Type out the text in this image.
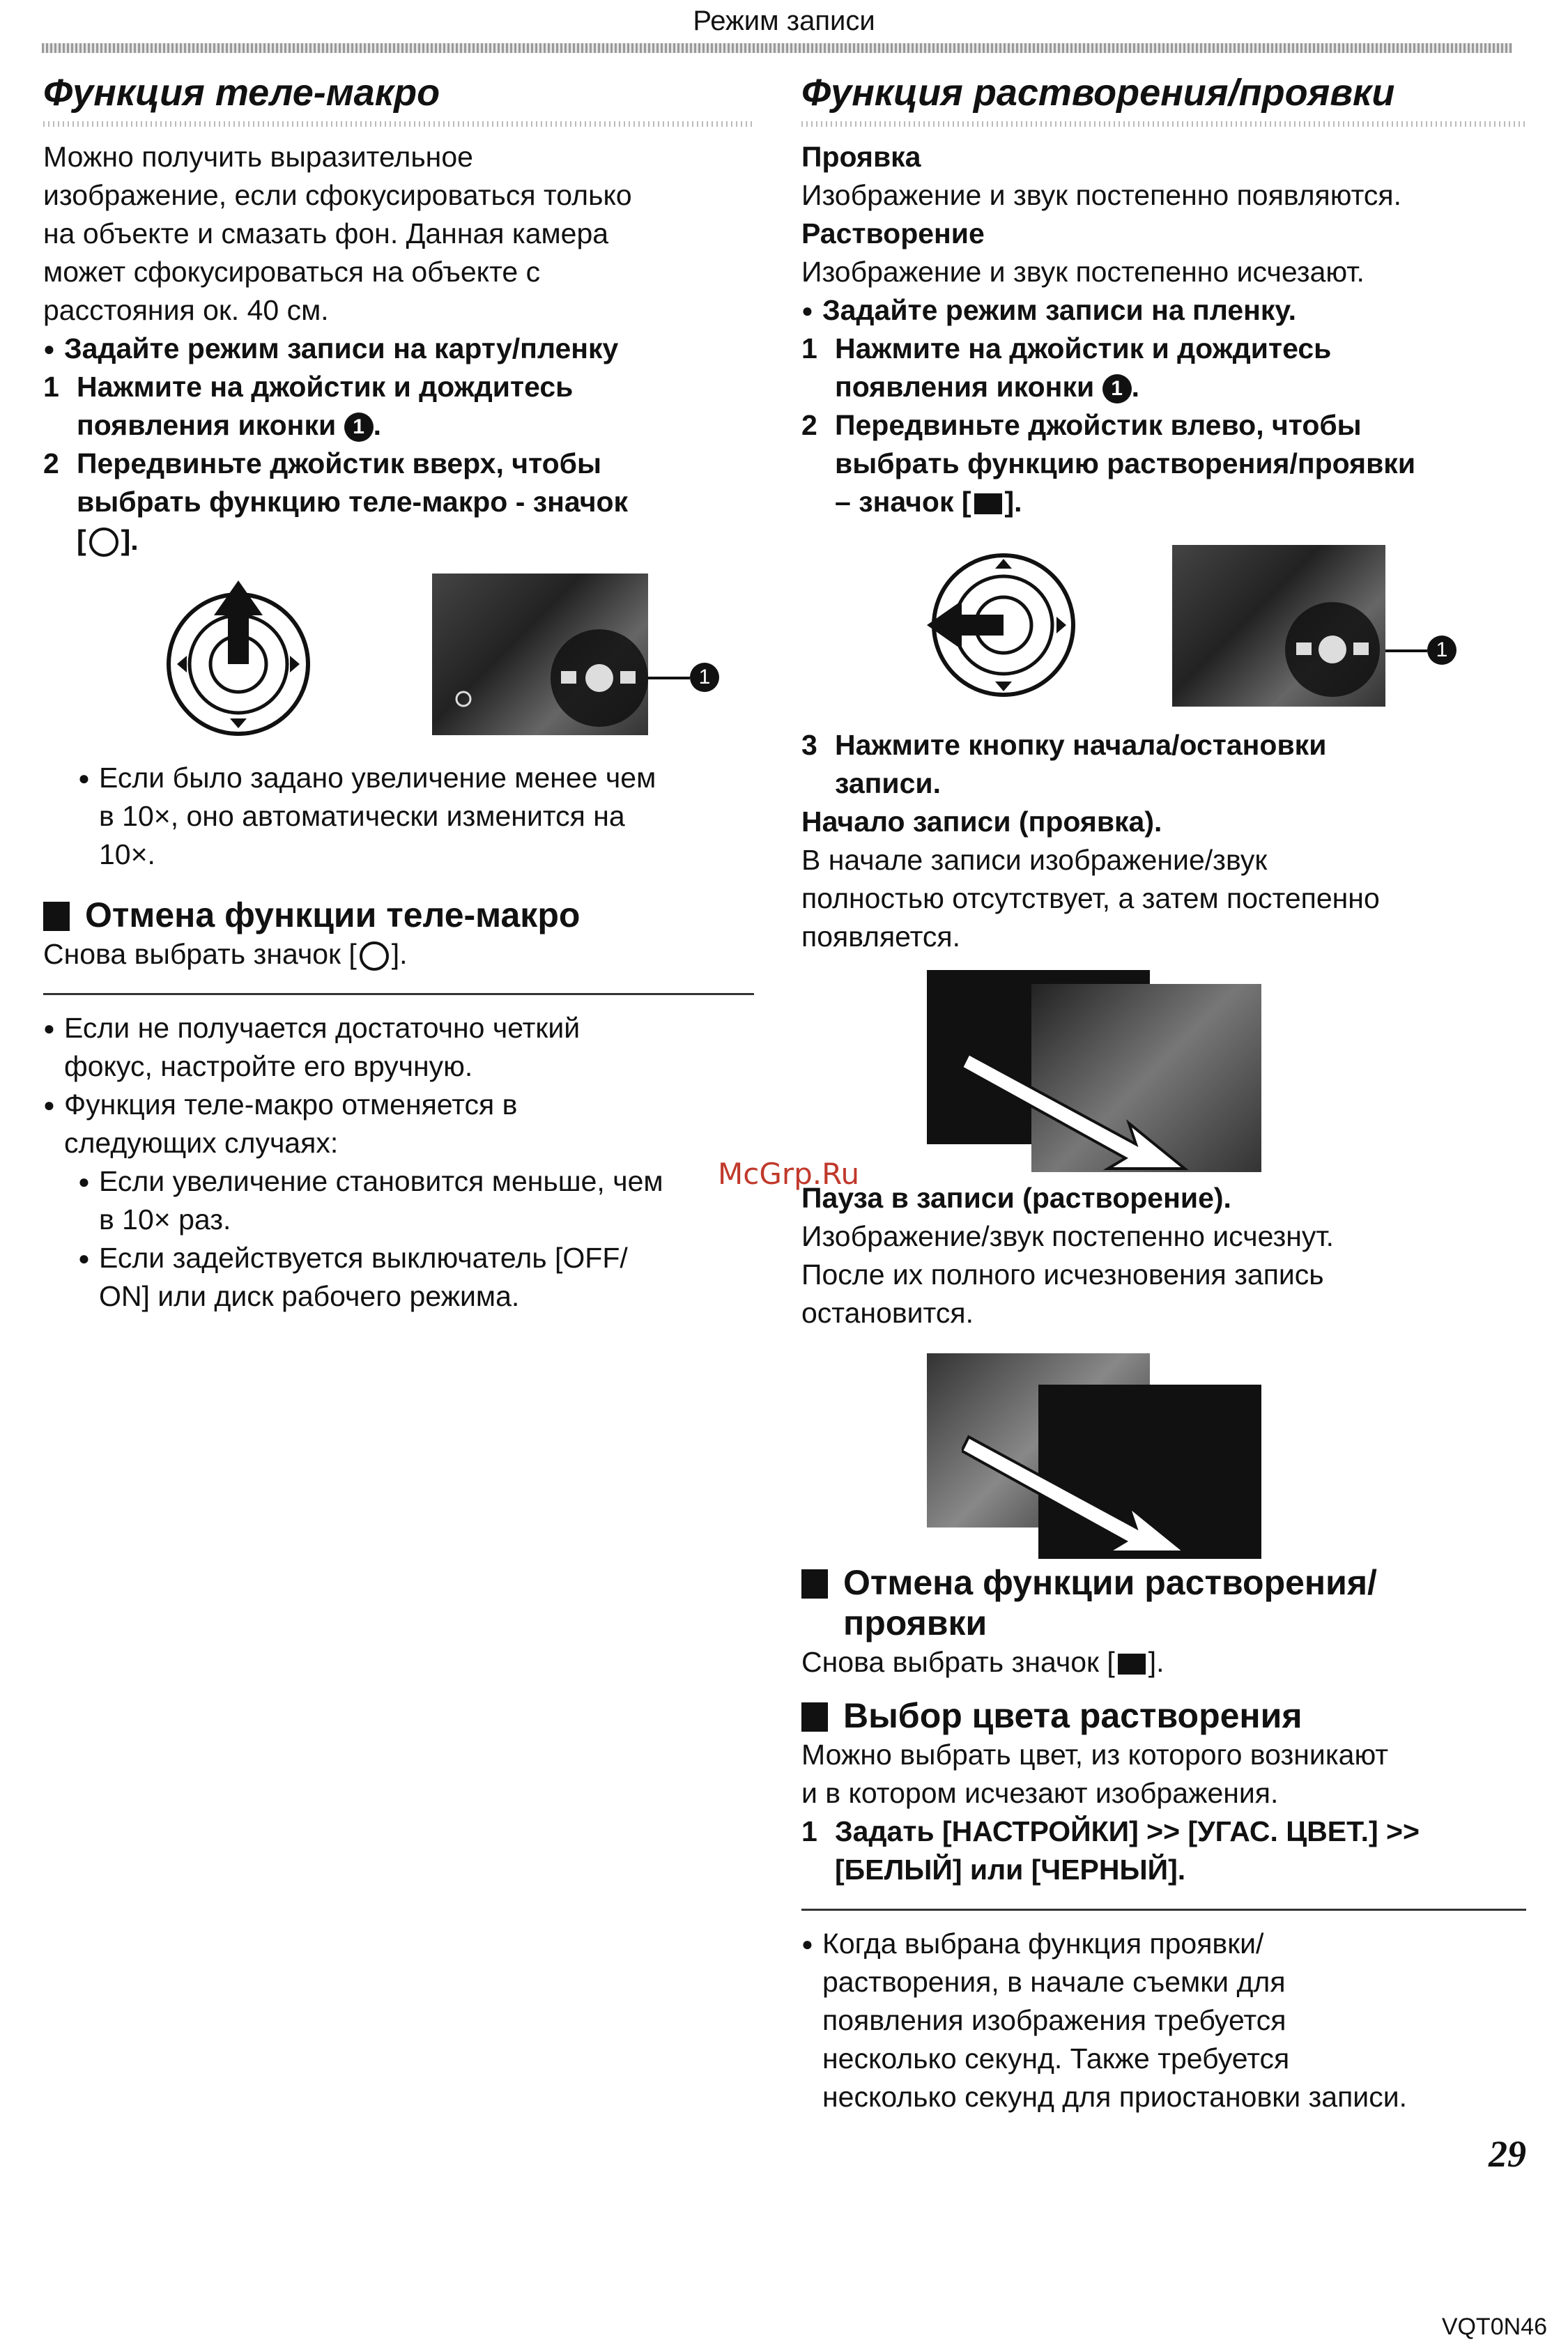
Режим записи
Функция теле-макро

Можно получить выразительное

изображение, если сфокусироваться только

на объекте и смазать фон. Данная камера

может сфокусироваться на объекте с

расстояния ок. 40 см.

● Задайте режим записи на карту/пленку
1 Нажмите на джойстик и дождитесь
появления иконки 1 .
2 Передвиньте джойстик вверх, чтобы
выбрать функцию теле-макро - значок
[ ].
1
● Если было задано увеличение менее чем

в 10×, оно автоматически изменится на

10×.

Отмена функции теле-макро

Снова выбрать значок [ ].

● Если не получается достаточно четкий

фокус, настройте его вручную.

● Функция теле-макро отменяется в

следующих случаях:

● Если увеличение становится меньше, чем

в 10× раз.

● Если задействуется выключатель [OFF/

ON] или диск рабочего режима.

Функция растворения/проявки

Проявка

Изображение и звук постепенно появляются.

Растворение

Изображение и звук постепенно исчезают.

● Задайте режим записи на пленку.
1 Нажмите на джойстик и дождитесь
появления иконки 1 .
2 Передвиньте джойстик влево, чтобы
выбрать функцию растворения/проявки
– значок [ ].
1
3 Нажмите кнопку начала/остановки
записи.

Начало записи (проявка).

В начале записи изображение/звук

полностью отсутствует, а затем постепенно

появляется.

Пауза в записи (растворение).

Изображение/звук постепенно исчезнут.

После их полного исчезновения запись

остановится.

Отмена функции растворения/
проявки

Снова выбрать значок [ ].

Выбор цвета растворения

Можно выбрать цвет, из которого возникают

и в котором исчезают изображения.

1 Задать [НАСТРОЙКИ] >> [УГАС. ЦВЕТ.] >>
[БЕЛЫЙ] или [ЧЕРНЫЙ].
● Когда выбрана функция проявки/

растворения, в начале съемки для

появления изображения требуется

несколько секунд. Также требуется

несколько секунд для приостановки записи.

McGrp.Ru
29
VQT0N46
